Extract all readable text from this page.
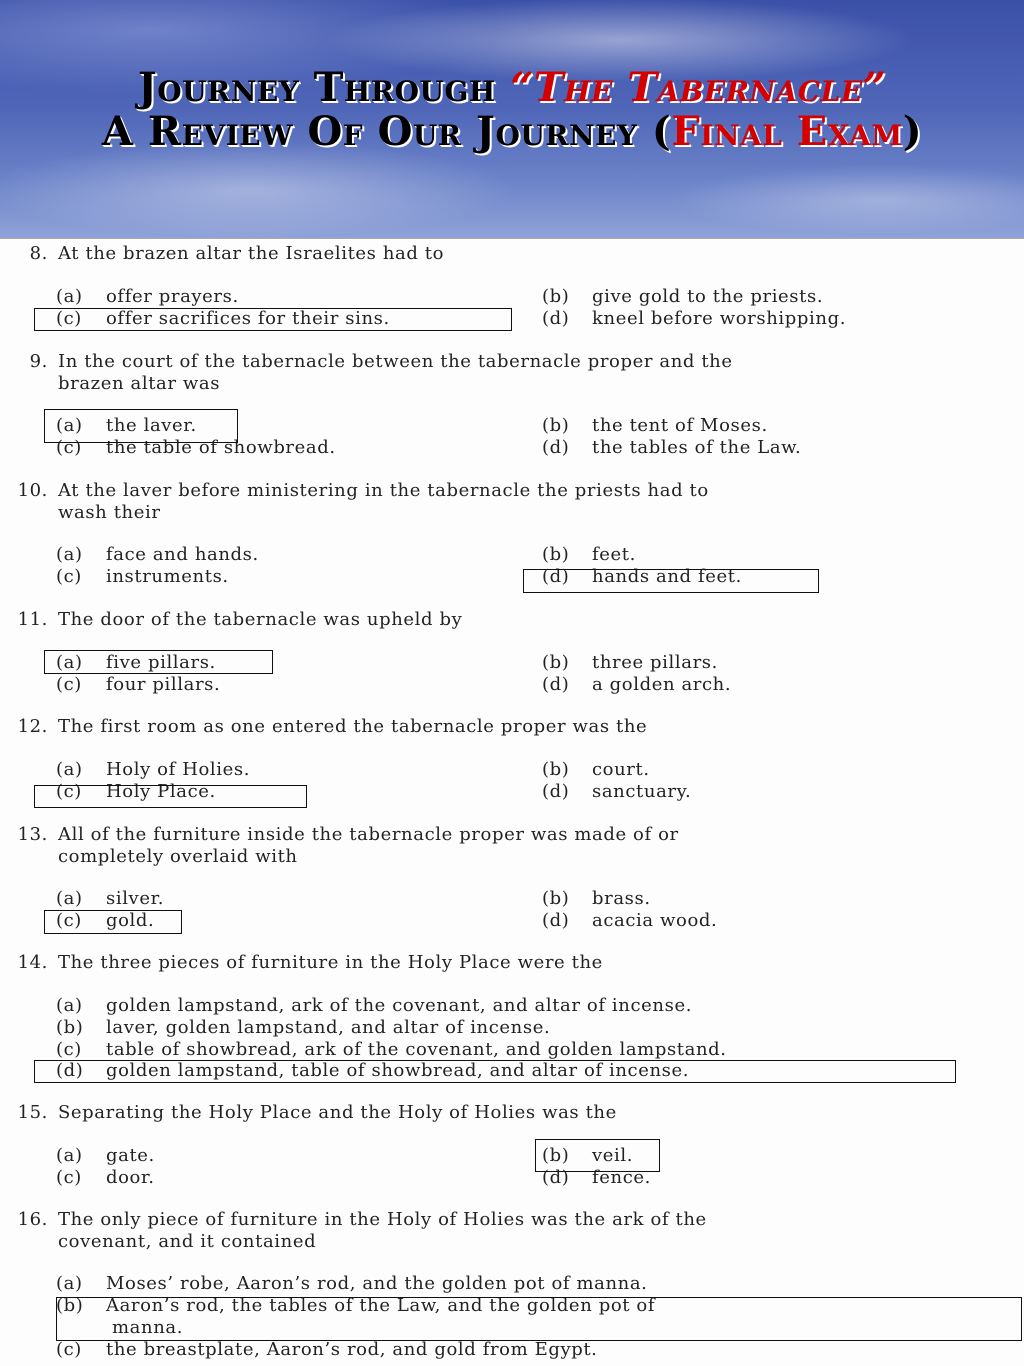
Journey Through “The Tabernacle”
A Review Of Our Journey (Final Exam)
8. At the brazen altar the Israelites had to
(a) offer prayers.	(b) give gold to the priests.
(c) offer sacrifices for their sins.	(d) kneel before worshipping.
9. In the court of the tabernacle between the tabernacle proper and the
brazen altar was
(a) the laver.	(b) the tent of Moses.
(c) the table of showbread.	(d) the tables of the Law.
10. At the laver before ministering in the tabernacle the priests had to
wash their
(a) face and hands.	(b) feet.
(c) instruments.	(d) hands and feet.
11. The door of the tabernacle was upheld by
(a) five pillars.	(b) three pillars.
(c) four pillars.	(d) a golden arch.
12. The first room as one entered the tabernacle proper was the
(a) Holy of Holies.	(b) court.
(c) Holy Place.	(d) sanctuary.
13. All of the furniture inside the tabernacle proper was made of or
completely overlaid with
(a) silver.	(b) brass.
(c) gold.	(d) acacia wood.
14. The three pieces of furniture in the Holy Place were the
(a) golden lampstand, ark of the covenant, and altar of incense.
(b) laver, golden lampstand, and altar of incense.
(c) table of showbread, ark of the covenant, and golden lampstand.
(d) golden lampstand, table of showbread, and altar of incense.
15. Separating the Holy Place and the Holy of Holies was the
(a) gate.	(b) veil.
(c) door.	(d) fence.
16. The only piece of furniture in the Holy of Holies was the ark of the
covenant, and it contained
(a) Moses’ robe, Aaron’s rod, and the golden pot of manna.
(b) Aaron’s rod, the tables of the Law, and the golden pot of
manna.
(c) the breastplate, Aaron’s rod, and gold from Egypt.
